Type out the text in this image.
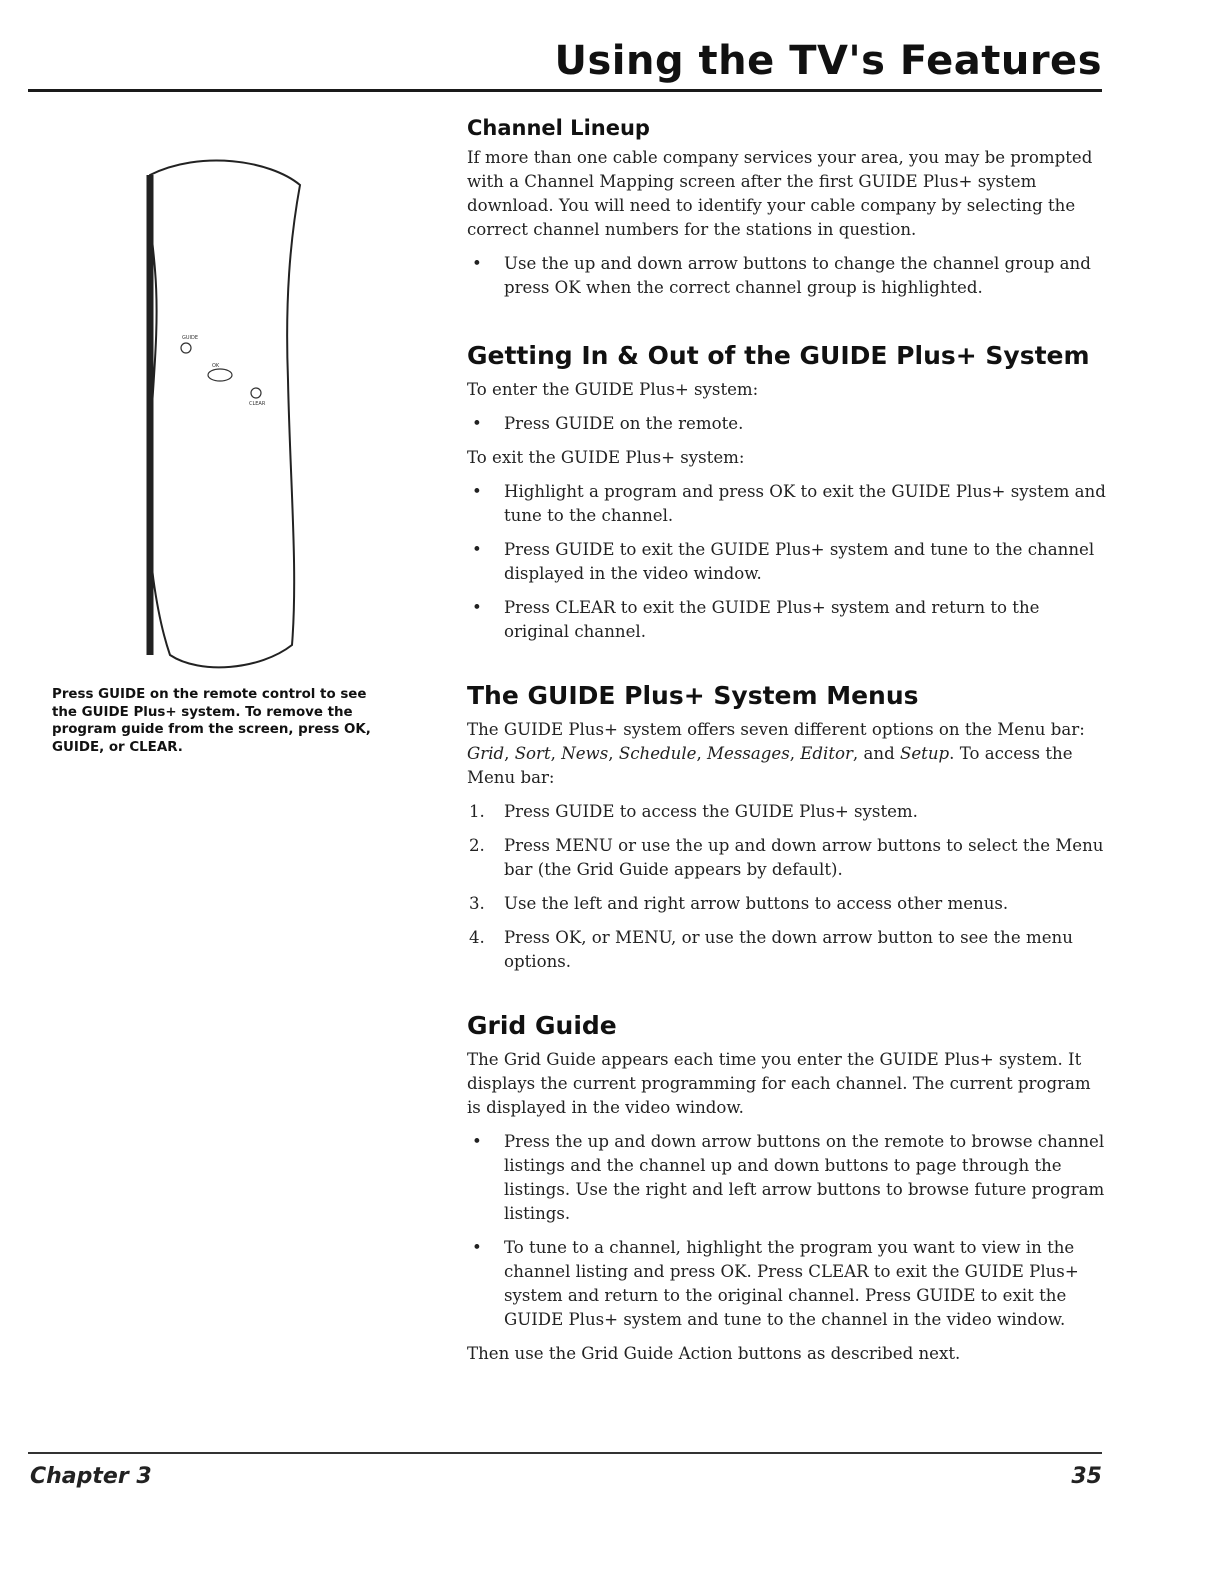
Using the TV's Features
GUIDE
OK
CLEAR
Press GUIDE on the remote control to see the GUIDE Plus+ system. To remove the program guide from the screen, press OK, GUIDE, or CLEAR.
Channel Lineup

If more than one cable company services your area, you may be prompted with a Channel Mapping screen after the first GUIDE Plus+ system download. You will need to identify your cable company by selecting the correct channel numbers for the stations in question.

• Use the up and down arrow buttons to change the channel group and press OK when the correct channel group is highlighted.
Getting In & Out of the GUIDE Plus+ System

To enter the GUIDE Plus+ system:

• Press GUIDE on the remote.

To exit the GUIDE Plus+ system:

• Highlight a program and press OK to exit the GUIDE Plus+ system and tune to the channel.
• Press GUIDE to exit the GUIDE Plus+ system and tune to the channel displayed in the video window.
• Press CLEAR to exit the GUIDE Plus+ system and return to the original channel.
The GUIDE Plus+ System Menus

The GUIDE Plus+ system offers seven different options on the Menu bar: Grid, Sort, News, Schedule, Messages, Editor, and Setup. To access the Menu bar:

1. Press GUIDE to access the GUIDE Plus+ system.
2. Press MENU or use the up and down arrow buttons to select the Menu bar (the Grid Guide appears by default).
3. Use the left and right arrow buttons to access other menus.
4. Press OK, or MENU, or use the down arrow button to see the menu options.
Grid Guide

The Grid Guide appears each time you enter the GUIDE Plus+ system. It displays the current programming for each channel. The current program is displayed in the video window.

• Press the up and down arrow buttons on the remote to browse channel listings and the channel up and down buttons to page through the listings. Use the right and left arrow buttons to browse future program listings.
• To tune to a channel, highlight the program you want to view in the channel listing and press OK. Press CLEAR to exit the GUIDE Plus+ system and return to the original channel. Press GUIDE to exit the GUIDE Plus+ system and tune to the channel in the video window.

Then use the Grid Guide Action buttons as described next.

Chapter 3	35
